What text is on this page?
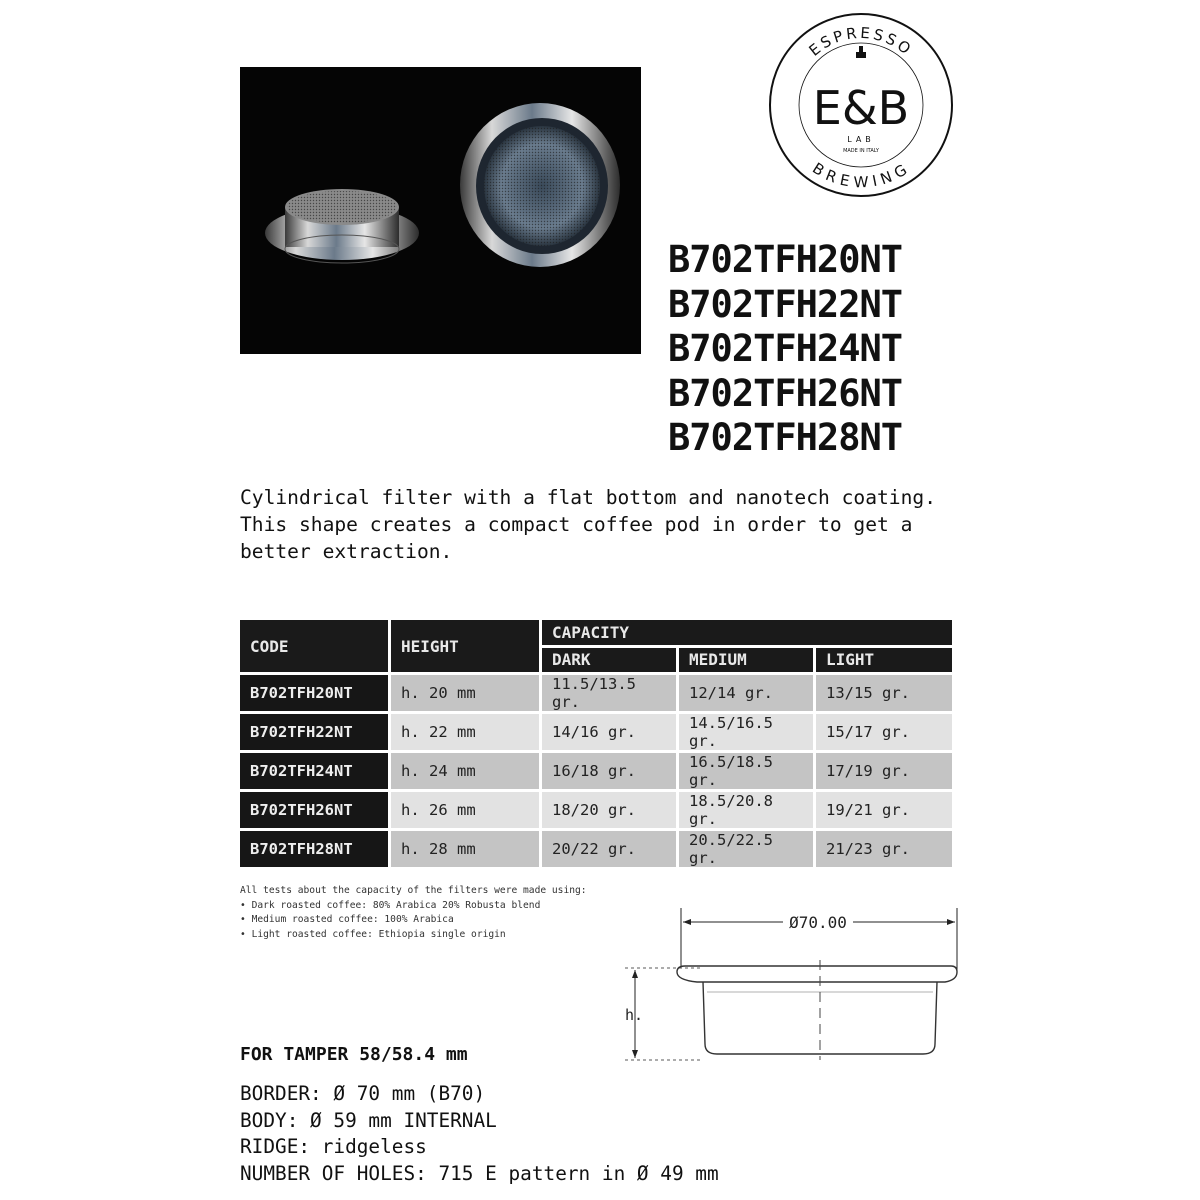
ESPRESSO
BREWING
E&B
LAB
MADE IN ITALY
B702TFH20NT
B702TFH22NT
B702TFH24NT
B702TFH26NT
B702TFH28NT
Cylindrical filter with a flat bottom and nanotech coating.
This shape creates a compact coffee pod in order to get a
better extraction.
CODE	HEIGHT	CAPACITY		
		DARK	MEDIUM	LIGHT
B702TFH20NT	h. 20 mm	11.5/13.5 gr.	12/14 gr.	13/15 gr.
B702TFH22NT	h. 22 mm	14/16 gr.	14.5/16.5 gr.	15/17 gr.
B702TFH24NT	h. 24 mm	16/18 gr.	16.5/18.5 gr.	17/19 gr.
B702TFH26NT	h. 26 mm	18/20 gr.	18.5/20.8 gr.	19/21 gr.
B702TFH28NT	h. 28 mm	20/22 gr.	20.5/22.5 gr.	21/23 gr.
All tests about the capacity of the filters were made using:
• Dark roasted coffee: 80% Arabica 20% Robusta blend
• Medium roasted coffee: 100% Arabica
• Light roasted coffee: Ethiopia single origin
Ø70.00
h.
FOR TAMPER 58/58.4 mm
BORDER: Ø 70 mm (B70)
BODY: Ø 59 mm INTERNAL
RIDGE: ridgeless
NUMBER OF HOLES: 715 E pattern in Ø 49 mm
